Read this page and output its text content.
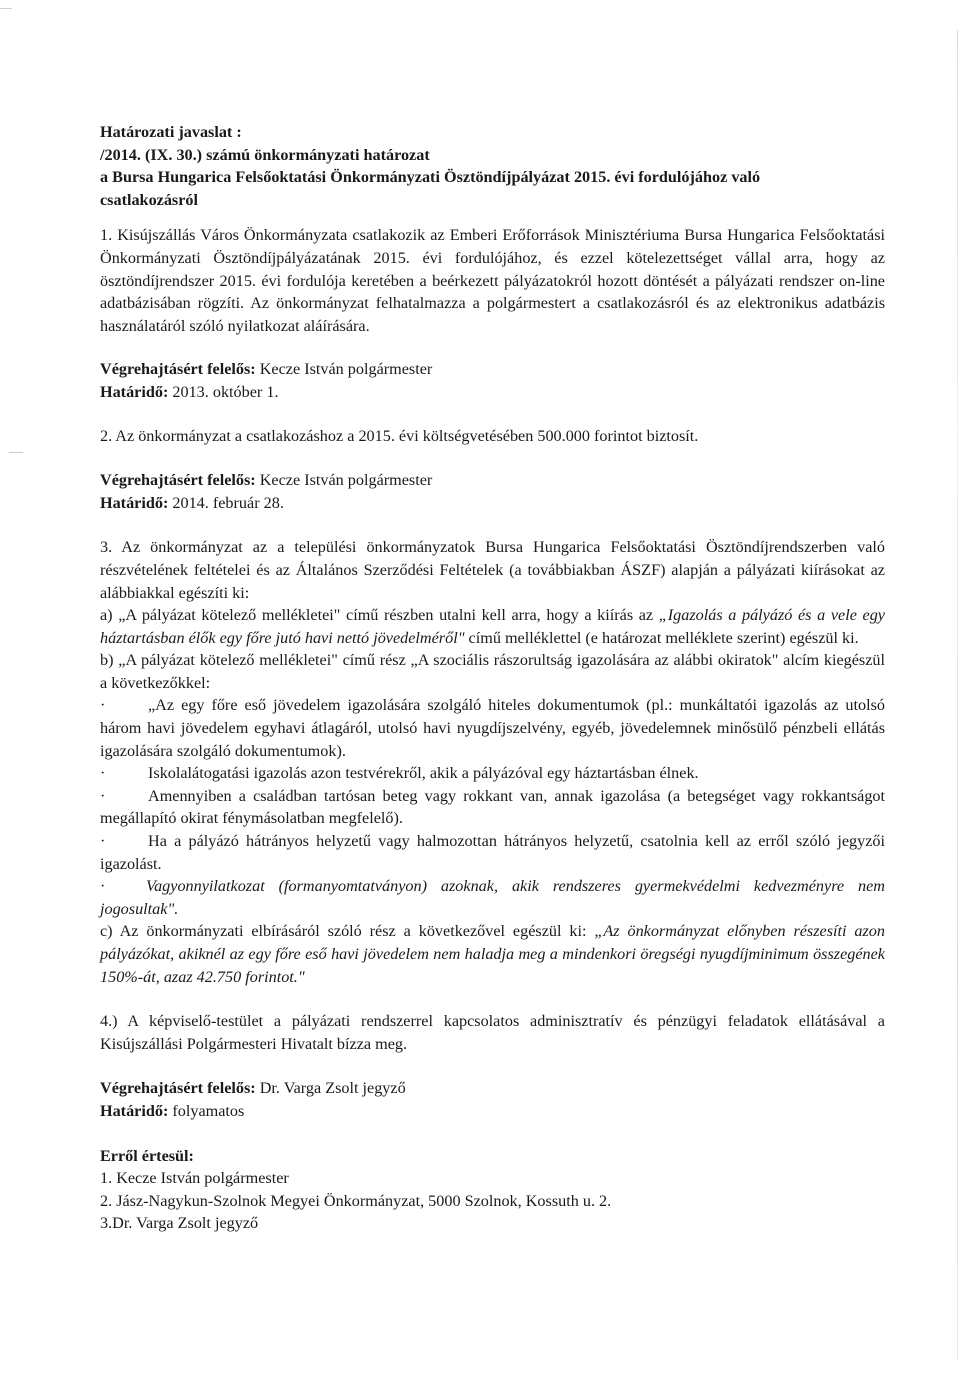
Határozati javaslat :

/2014. (IX. 30.) számú önkormányzati határozat

a Bursa Hungarica Felsőoktatási Önkormányzati Ösztöndíjpályázat 2015. évi fordulójához való

csatlakozásról

1. Kisújszállás Város Önkormányzata csatlakozik az Emberi Erőforrások Minisztériuma Bursa Hungarica Felsőoktatási Önkormányzati Ösztöndíjpályázatának 2015. évi fordulójához, és ezzel kötelezettséget vállal arra, hogy az ösztöndíjrendszer 2015. évi fordulója keretében a beérkezett pályázatokról hozott döntését a pályázati rendszer on-line adatbázisában rögzíti. Az önkormányzat felhatalmazza a polgármestert a csatlakozásról és az elektronikus adatbázis használatáról szóló nyilatkozat aláírására.

Végrehajtásért felelős: Kecze István polgármester

Határidő: 2013. október 1.

2. Az önkormányzat a csatlakozáshoz a 2015. évi költségvetésében 500.000 forintot biztosít.

Végrehajtásért felelős: Kecze István polgármester

Határidő: 2014. február 28.

3. Az önkormányzat az a települési önkormányzatok Bursa Hungarica Felsőoktatási Ösztöndíjrendszerben való részvételének feltételei és az Általános Szerződési Feltételek (a továbbiakban ÁSZF) alapján a pályázati kiírásokat az alábbiakkal egészíti ki:

a) „A pályázat kötelező mellékletei" című részben utalni kell arra, hogy a kiírás az „Igazolás a pályázó és a vele egy háztartásban élők egy főre jutó havi nettó jövedelméről" című melléklettel (e határozat melléklete szerint) egészül ki.

b) „A pályázat kötelező mellékletei" című rész „A szociális rászorultság igazolására az alábbi okiratok" alcím kiegészül a következőkkel:

·	„Az egy főre eső jövedelem igazolására szolgáló hiteles dokumentumok (pl.: munkáltatói igazolás az utolsó három havi jövedelem egyhavi átlagáról, utolsó havi nyugdíjszelvény, egyéb, jövedelemnek minősülő pénzbeli ellátás igazolására szolgáló dokumentumok).

·	Iskolalátogatási igazolás azon testvérekről, akik a pályázóval egy háztartásban élnek.

·	Amennyiben a családban tartósan beteg vagy rokkant van, annak igazolása (a betegséget vagy rokkantságot megállapító okirat fénymásolatban megfelelő).

·	Ha a pályázó hátrányos helyzetű vagy halmozottan hátrányos helyzetű, csatolnia kell az erről szóló jegyzői igazolást.

·	Vagyonnyilatkozat (formanyomtatványon) azoknak, akik rendszeres gyermekvédelmi kedvezményre nem jogosultak".

c) Az önkormányzati elbírásáról szóló rész a következővel egészül ki: „Az önkormányzat előnyben részesíti azon pályázókat, akiknél az egy főre eső havi jövedelem nem haladja meg a mindenkori öregségi nyugdíjminimum összegének 150%-át, azaz 42.750 forintot."

4.) A képviselő-testület a pályázati rendszerrel kapcsolatos adminisztratív és pénzügyi feladatok ellátásával a Kisújszállási Polgármesteri Hivatalt bízza meg.

Végrehajtásért felelős: Dr. Varga Zsolt jegyző

Határidő: folyamatos

Erről értesül:

1. Kecze István polgármester

2. Jász-Nagykun-Szolnok Megyei Önkormányzat, 5000 Szolnok, Kossuth u. 2.

3.Dr. Varga Zsolt jegyző
